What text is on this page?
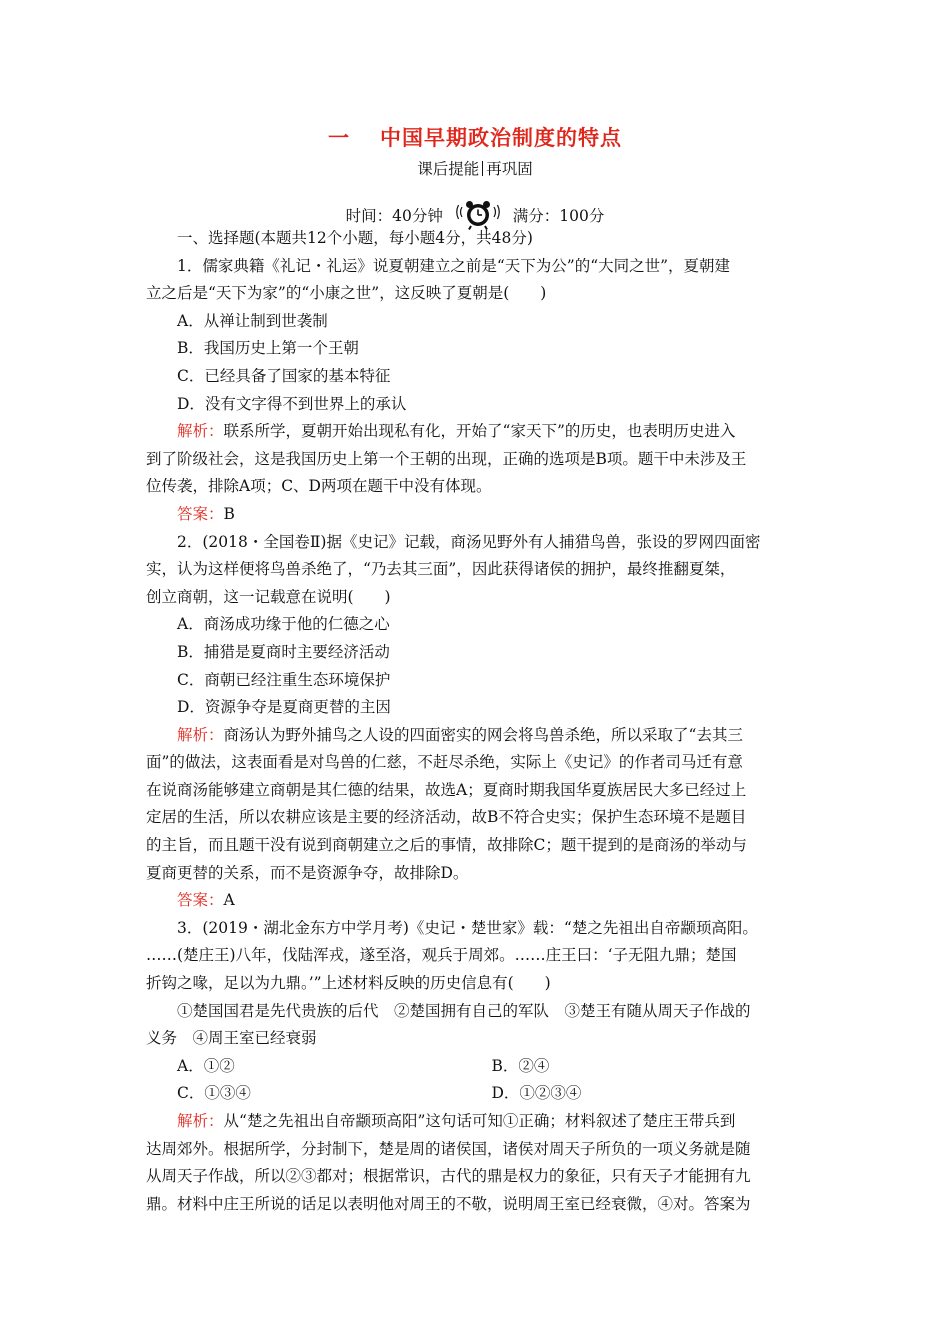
一 中国早期政治制度的特点
课后提能 再巩固
时间：40分钟	满分：100分
一、选择题(本题共12个小题，每小题4分，共48分)
1．儒家典籍《礼记・礼运》说夏朝建立之前是“天下为公”的“大同之世”，夏朝建
立之后是“天下为家”的“小康之世”，这反映了夏朝是(　　)
A．从禅让制到世袭制
B．我国历史上第一个王朝
C．已经具备了国家的基本特征
D．没有文字得不到世界上的承认
解析：联系所学，夏朝开始出现私有化，开始了“家天下”的历史，也表明历史进入
到了阶级社会，这是我国历史上第一个王朝的出现，正确的选项是B项。题干中未涉及王
位传袭，排除A项；C、D两项在题干中没有体现。
答案：B
2．(2018・全国卷Ⅱ)据《史记》记载，商汤见野外有人捕猎鸟兽，张设的罗网四面密
实，认为这样便将鸟兽杀绝了，“乃去其三面”，因此获得诸侯的拥护，最终推翻夏桀，
创立商朝，这一记载意在说明(　　)
A．商汤成功缘于他的仁德之心
B．捕猎是夏商时主要经济活动
C．商朝已经注重生态环境保护
D．资源争夺是夏商更替的主因
解析：商汤认为野外捕鸟之人设的四面密实的网会将鸟兽杀绝，所以采取了“去其三
面”的做法，这表面看是对鸟兽的仁慈，不赶尽杀绝，实际上《史记》的作者司马迁有意
在说商汤能够建立商朝是其仁德的结果，故选A；夏商时期我国华夏族居民大多已经过上
定居的生活，所以农耕应该是主要的经济活动，故B不符合史实；保护生态环境不是题目
的主旨，而且题干没有说到商朝建立之后的事情，故排除C；题干提到的是商汤的举动与
夏商更替的关系，而不是资源争夺，故排除D。
答案：A
3．(2019・湖北金东方中学月考)《史记・楚世家》载：“楚之先祖出自帝颛顼高阳。
……(楚庄王)八年，伐陆浑戎，遂至洛，观兵于周郊。……庄王曰：‘子无阻九鼎；楚国
折钩之喙，足以为九鼎。’”上述材料反映的历史信息有(　　)
①楚国国君是先代贵族的后代　②楚国拥有自己的军队　③楚王有随从周天子作战的
义务　④周王室已经衰弱
A．①②	B．②④
C．①③④	D．①②③④
解析：从“楚之先祖出自帝颛顼高阳”这句话可知①正确；材料叙述了楚庄王带兵到
达周郊外。根据所学，分封制下，楚是周的诸侯国，诸侯对周天子所负的一项义务就是随
从周天子作战，所以②③都对；根据常识，古代的鼎是权力的象征，只有天子才能拥有九
鼎。材料中庄王所说的话足以表明他对周王的不敬，说明周王室已经衰微，④对。答案为
